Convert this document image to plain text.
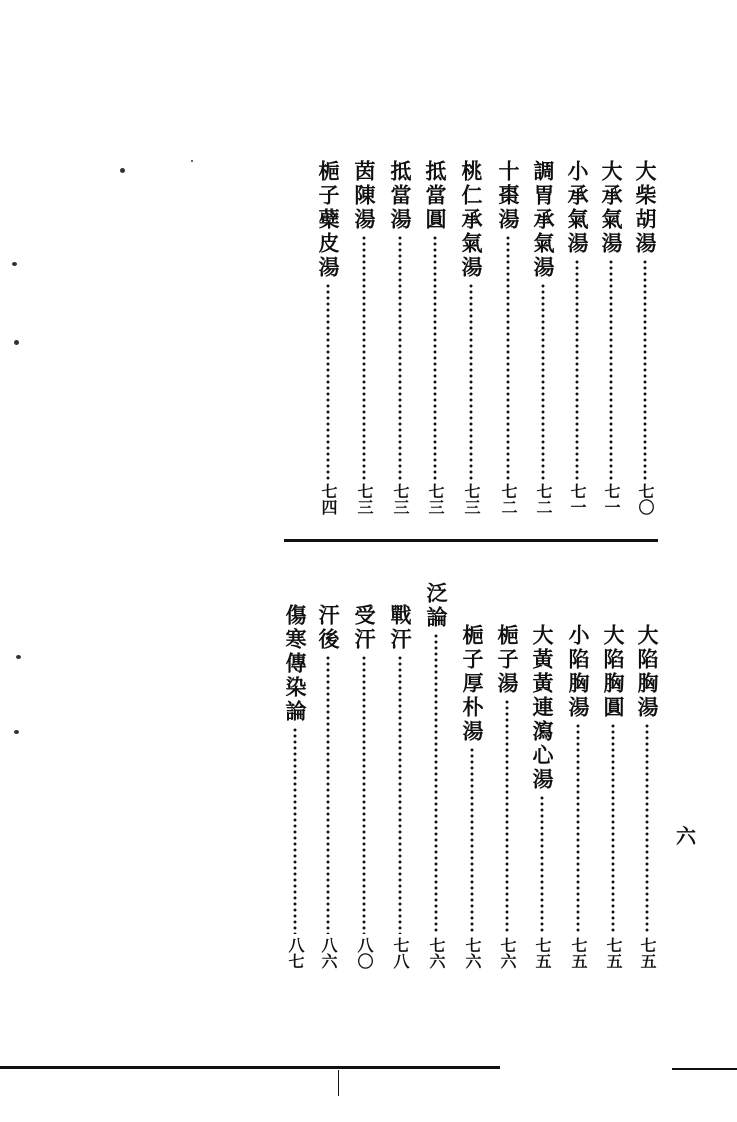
大柴胡湯
七〇
大承氣湯
七一
小承氣湯
七一
調胃承氣湯
七二
十棗湯
七二
桃仁承氣湯
七三
抵當圓
七三
抵當湯
七三
茵陳湯
七三
梔子蘗皮湯
七四
大陷胸湯
七五
大陷胸圓
七五
小陷胸湯
七五
大黃黃連瀉心湯
七五
梔子湯
七六
梔子厚朴湯
七六
泛論
七六
戰汗
七八
受汗
八〇
汗後
八六
傷寒傳染論
八七
六
